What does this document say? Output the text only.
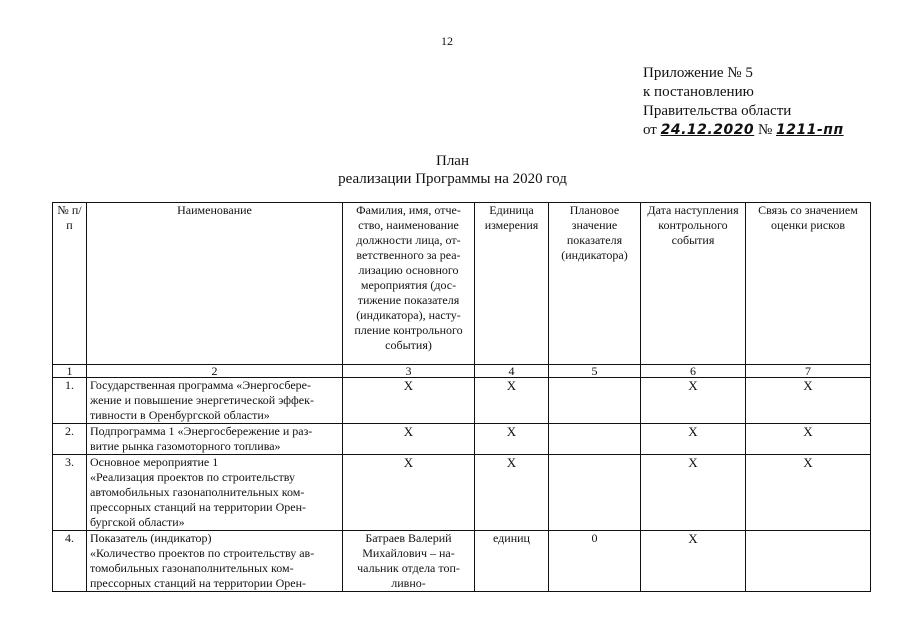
12
Приложение № 5
к постановлению
Правительства области
от 24.12.2020 № 1211-пп
План
реализации Программы на 2020 год
№ п/п	Наименование	Фамилия, имя, отче-ство, наименование должности лица, от-ветственного за реа-лизацию основного мероприятия (дос-тижение показателя (индикатора), насту-пление контрольного события)	Единица измерения	Плановое значение показателя (индикатора)	Дата наступления контрольного события	Связь со значением оценки рисков
1	2	3	4	5	6	7
1.	Государственная программа «Энергосбере-жение и повышение энергетической эффек-тивности в Оренбургской области»	Х	Х		Х	Х
2.	Подпрограмма 1 «Энергосбережение и раз-витие рынка газомоторного топлива»	Х	Х		Х	Х
3.	Основное мероприятие 1
«Реализация проектов по строительству автомобильных газонаполнительных ком-прессорных станций на территории Орен-бургской области»	Х	Х		Х	Х
4.	Показатель (индикатор)
«Количество проектов по строительству ав-томобильных газонаполнительных ком-прессорных станций на территории Орен-	Батраев Валерий Михайлович – на-чальник отдела топ-ливно-	единиц	0	Х	
